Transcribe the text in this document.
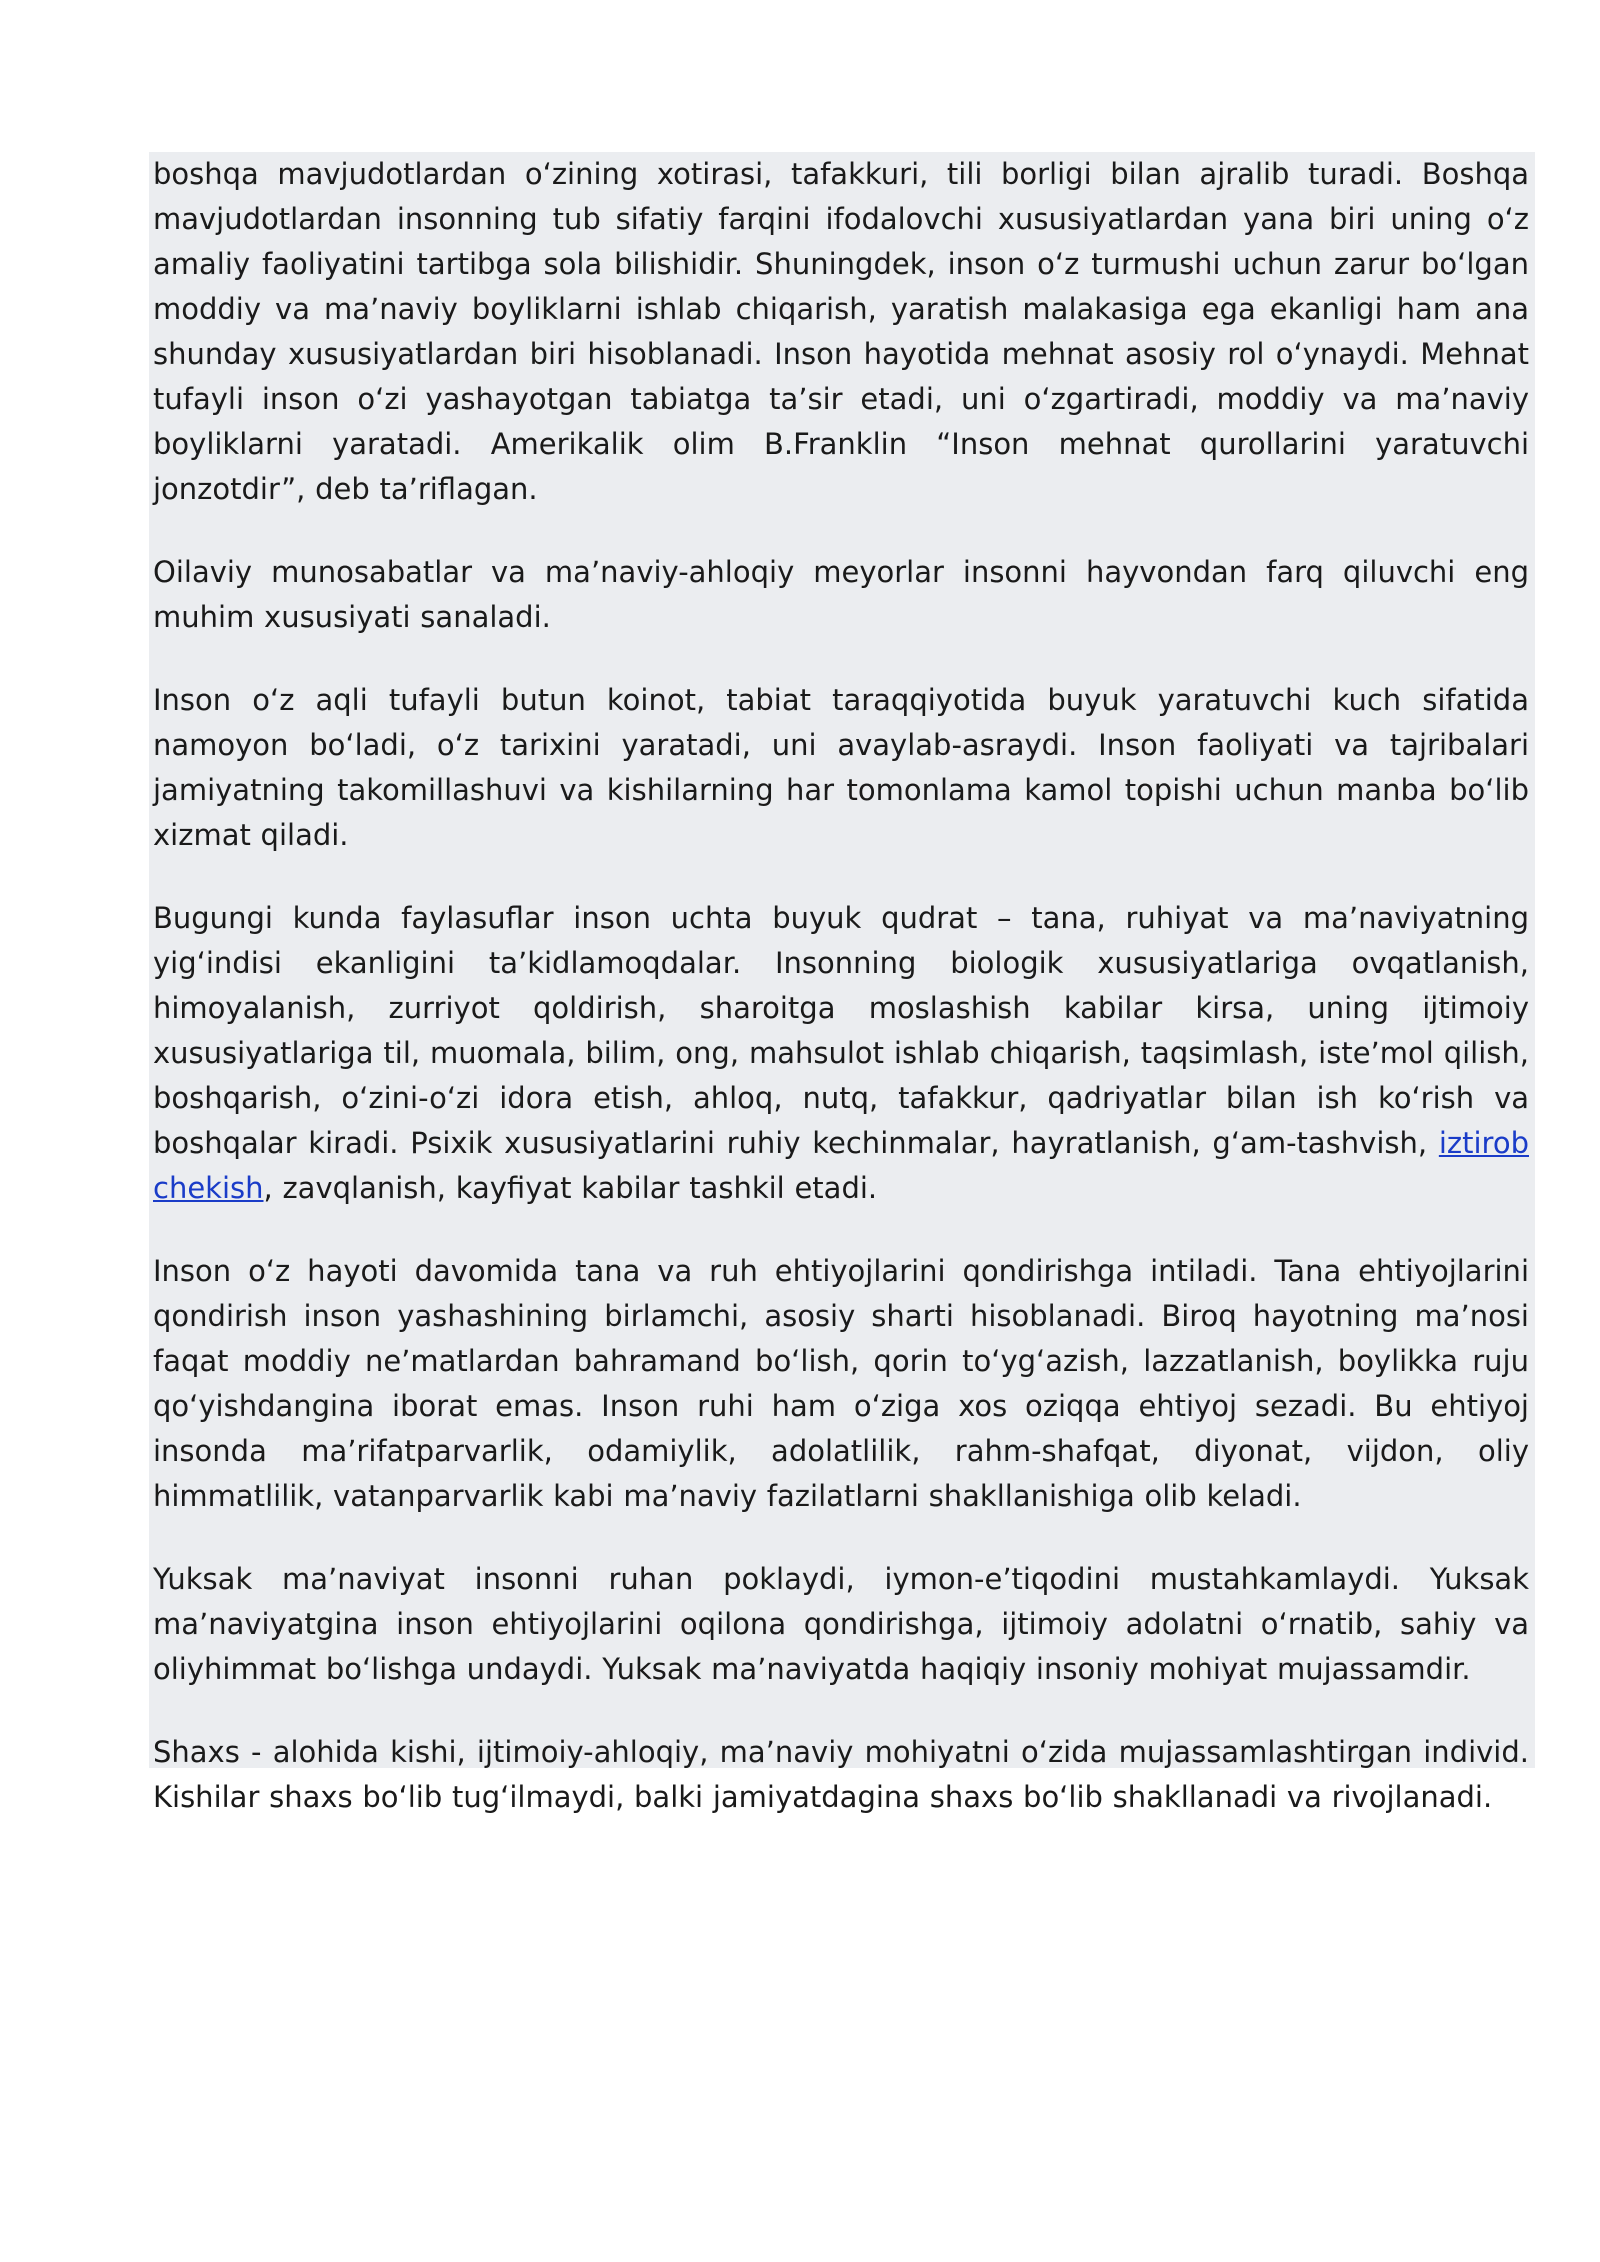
boshqa mavjudotlardan oʻzining xotirasi, tafakkuri, tili borligi bilan ajralib turadi. Boshqa mavjudotlardan insonning tub sifatiy farqini ifodalovchi xususiyatlardan yana biri uning oʻz amaliy faoliyatini tartibga sola bilishidir. Shuningdek, inson oʻz turmushi uchun zarur boʻlgan moddiy va maʼnaviy boyliklarni ishlab chiqarish, yaratish malakasiga ega ekanligi ham ana shunday xususiyatlardan biri hisoblanadi. Inson hayotida mehnat asosiy rol oʻynaydi. Mehnat tufayli inson oʻzi yashayotgan tabiatga taʼsir etadi, uni oʻzgartiradi, moddiy va maʼnaviy boyliklarni yaratadi. Amerikalik olim B.Franklin “Inson mehnat qurollarini yaratuvchi jonzotdir”, deb taʼriflagan.

Oilaviy munosabatlar va maʼnaviy-ahloqiy meyorlar insonni hayvondan farq qiluvchi eng muhim xususiyati sanaladi.

Inson oʻz aqli tufayli butun koinot, tabiat taraqqiyotida buyuk yaratuvchi kuch sifatida namoyon boʻladi, oʻz tarixini yaratadi, uni avaylab-asraydi. Inson faoliyati va tajribalari jamiyatning takomillashuvi va kishilarning har tomonlama kamol topishi uchun manba boʻlib xizmat qiladi.

Bugungi kunda faylasuflar inson uchta buyuk qudrat – tana, ruhiyat va maʼnaviyatning yigʻindisi ekanligini taʼkidlamoqdalar. Insonning biologik xususiyatlariga ovqatlanish, himoyalanish, zurriyot qoldirish, sharoitga moslashish kabilar kirsa, uning ijtimoiy xususiyatlariga til, muomala, bilim, ong, mahsulot ishlab chiqarish, taqsimlash, isteʼmol qilish, boshqarish, oʻzini-oʻzi idora etish, ahloq, nutq, tafakkur, qadriyatlar bilan ish koʻrish va boshqalar kiradi. Psixik xususiyatlarini ruhiy kechinmalar, hayratlanish, gʻam-tashvish, iztirob chekish, zavqlanish, kayfiyat kabilar tashkil etadi.

Inson oʻz hayoti davomida tana va ruh ehtiyojlarini qondirishga intiladi. Tana ehtiyojlarini qondirish inson yashashining birlamchi, asosiy sharti hisoblanadi. Biroq hayotning maʼnosi faqat moddiy neʼmatlardan bahramand boʻlish, qorin toʻygʻazish, lazzatlanish, boylikka ruju qoʻyishdangina iborat emas. Inson ruhi ham oʻziga xos oziqqa ehtiyoj sezadi. Bu ehtiyoj insonda maʼrifatparvarlik, odamiylik, adolatlilik, rahm-shafqat, diyonat, vijdon, oliy himmatlilik, vatanparvarlik kabi maʼnaviy fazilatlarni shakllanishiga olib keladi.

Yuksak maʼnaviyat insonni ruhan poklaydi, iymon-eʼtiqodini mustahkamlaydi. Yuksak maʼnaviyatgina inson ehtiyojlarini oqilona qondirishga, ijtimoiy adolatni oʻrnatib, sahiy va oliyhimmat boʻlishga undaydi. Yuksak maʼnaviyatda haqiqiy insoniy mohiyat mujassamdir.

Shaxs - alohida kishi, ijtimoiy-ahloqiy, maʼnaviy mohiyatni oʻzida mujassamlashtirgan individ. Kishilar shaxs boʻlib tugʻilmaydi, balki jamiyatdagina shaxs boʻlib shakllanadi va rivojlanadi.
